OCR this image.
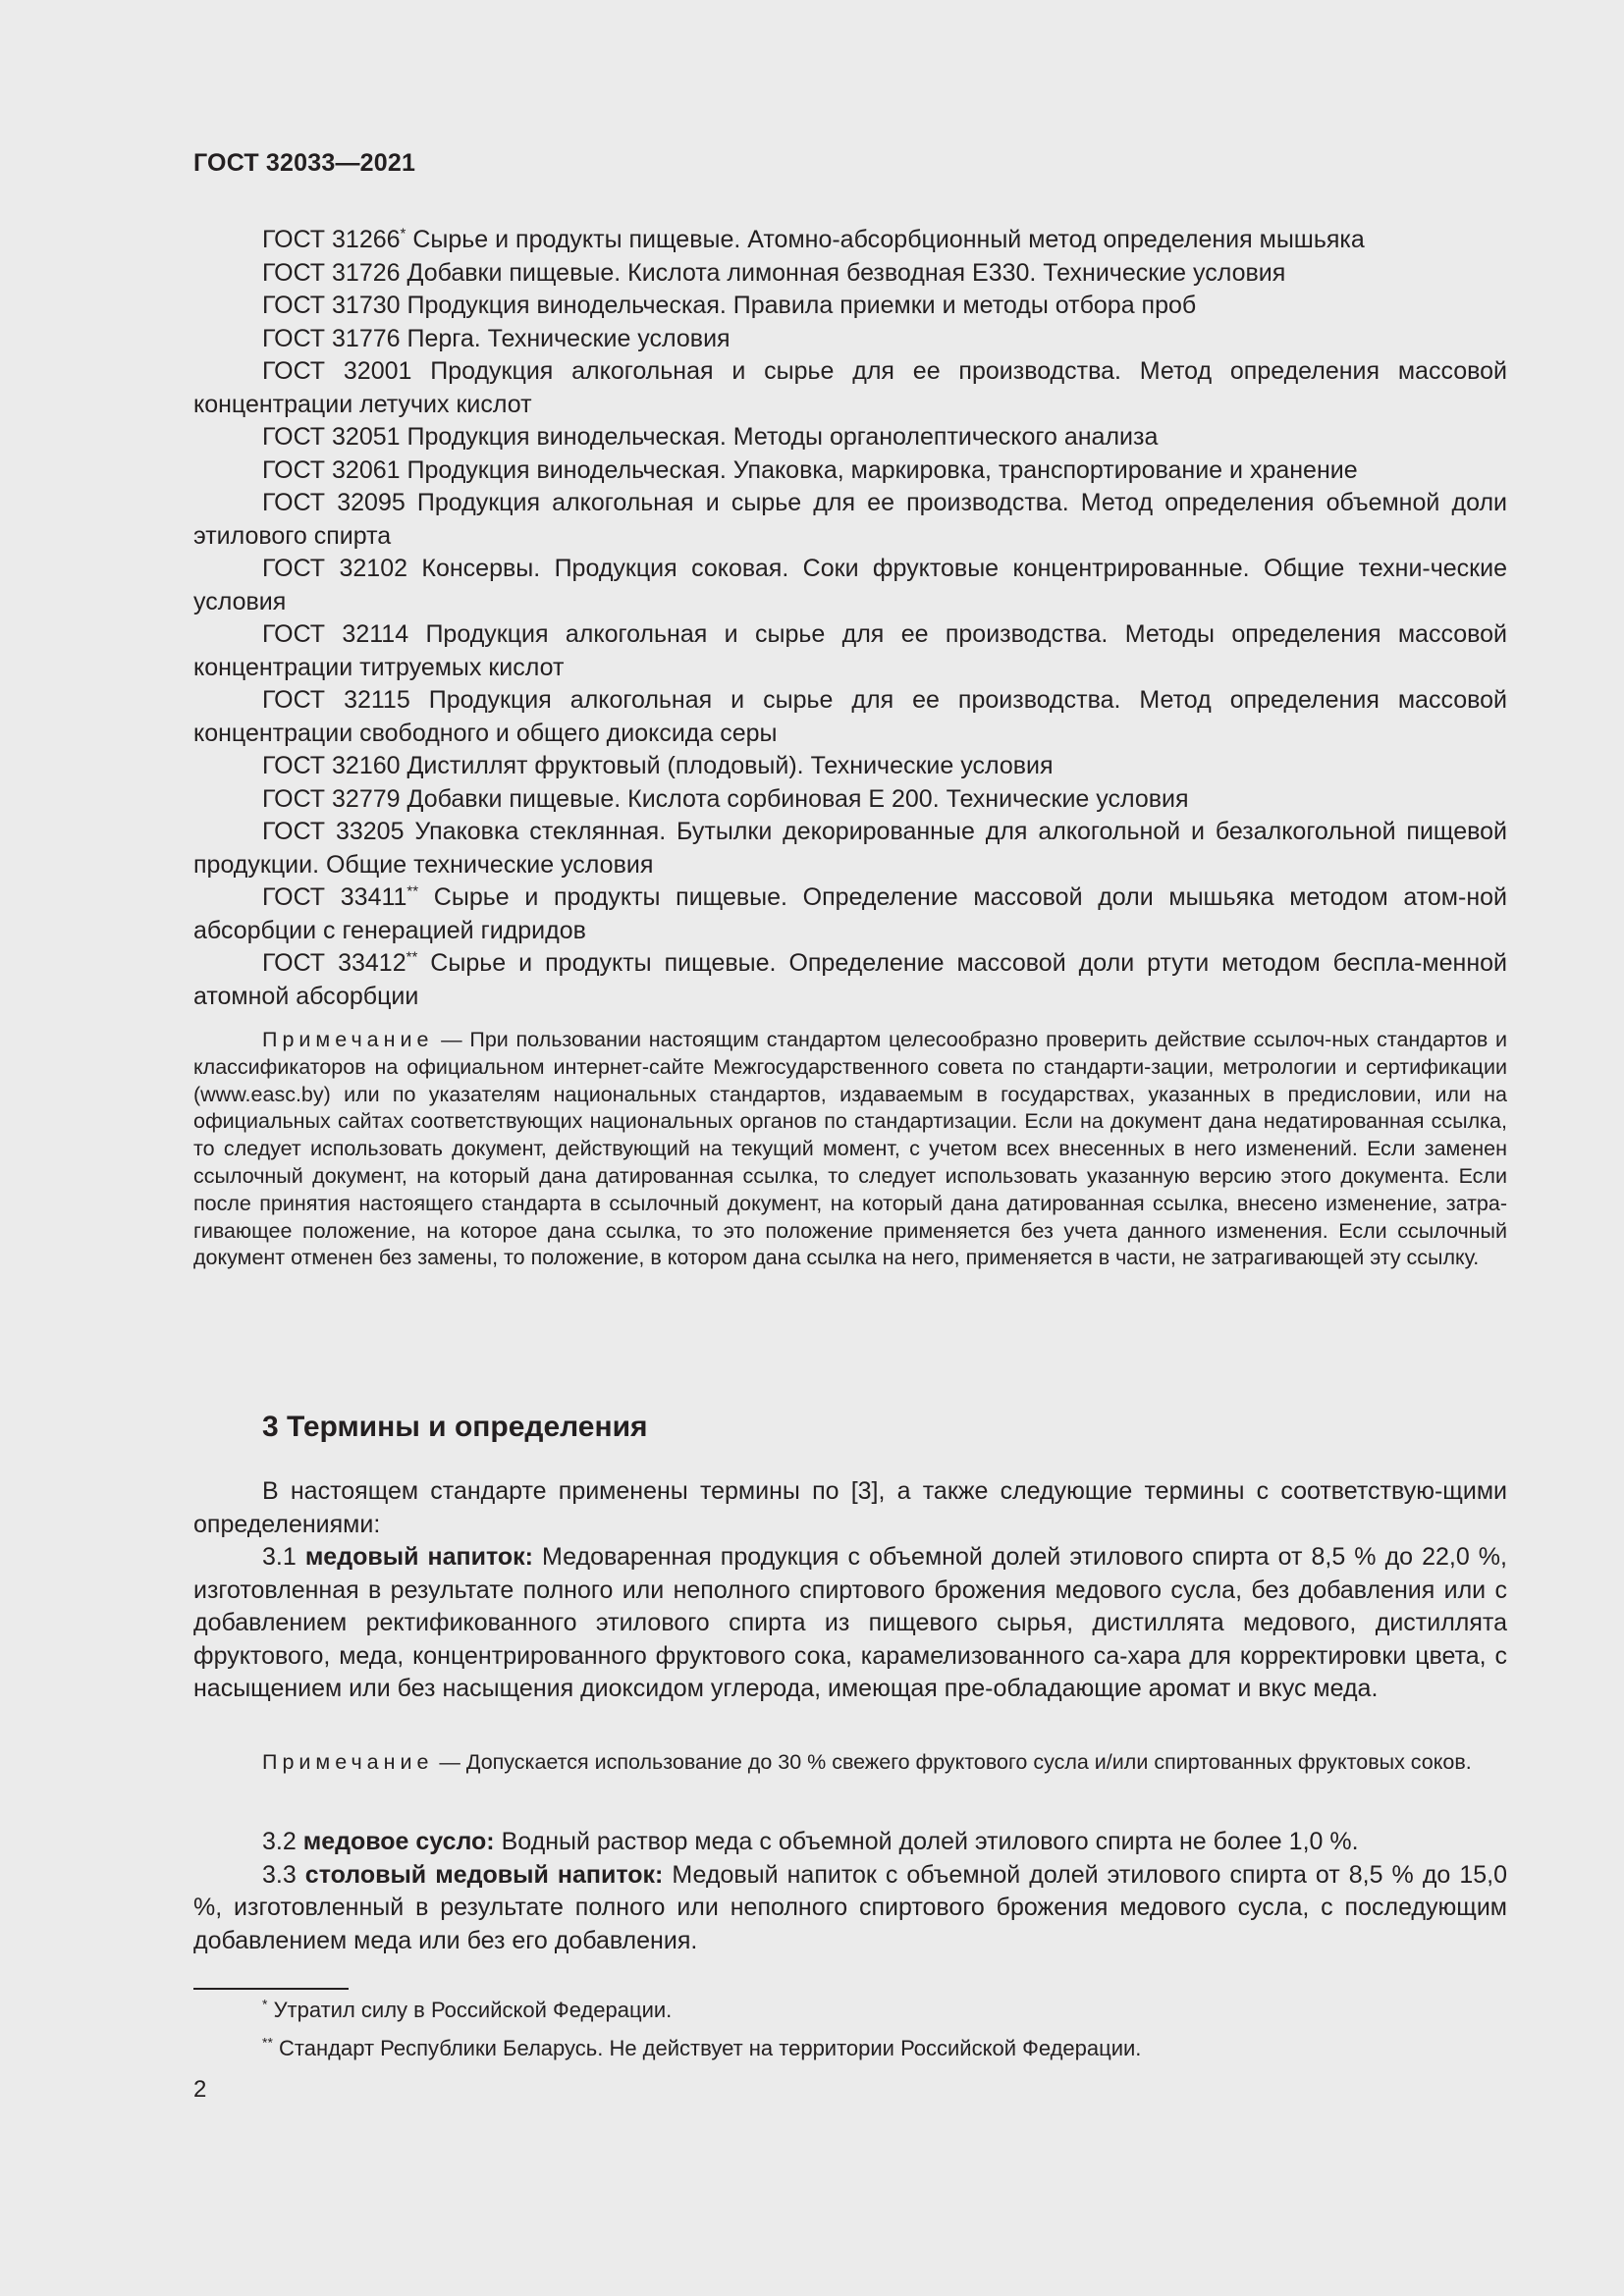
ГОСТ 32033—2021

ГОСТ 31266* Сырье и продукты пищевые. Атомно-абсорбционный метод определения мышьяка

ГОСТ 31726 Добавки пищевые. Кислота лимонная безводная E330. Технические условия

ГОСТ 31730 Продукция винодельческая. Правила приемки и методы отбора проб

ГОСТ 31776 Перга. Технические условия

ГОСТ 32001 Продукция алкогольная и сырье для ее производства. Метод определения массовой концентрации летучих кислот

ГОСТ 32051 Продукция винодельческая. Методы органолептического анализа

ГОСТ 32061 Продукция винодельческая. Упаковка, маркировка, транспортирование и хранение

ГОСТ 32095 Продукция алкогольная и сырье для ее производства. Метод определения объемной доли этилового спирта

ГОСТ 32102 Консервы. Продукция соковая. Соки фруктовые концентрированные. Общие техни-ческие условия

ГОСТ 32114 Продукция алкогольная и сырье для ее производства. Методы определения массовой концентрации титруемых кислот

ГОСТ 32115 Продукция алкогольная и сырье для ее производства. Метод определения массовой концентрации свободного и общего диоксида серы

ГОСТ 32160 Дистиллят фруктовый (плодовый). Технические условия

ГОСТ 32779 Добавки пищевые. Кислота сорбиновая E 200. Технические условия

ГОСТ 33205 Упаковка стеклянная. Бутылки декорированные для алкогольной и безалкогольной пищевой продукции. Общие технические условия

ГОСТ 33411** Сырье и продукты пищевые. Определение массовой доли мышьяка методом атом-ной абсорбции с генерацией гидридов

ГОСТ 33412** Сырье и продукты пищевые. Определение массовой доли ртути методом беспла-менной атомной абсорбции

Примечание — При пользовании настоящим стандартом целесообразно проверить действие ссылоч-ных стандартов и классификаторов на официальном интернет-сайте Межгосударственного совета по стандарти-зации, метрологии и сертификации (www.easc.by) или по указателям национальных стандартов, издаваемым в государствах, указанных в предисловии, или на официальных сайтах соответствующих национальных органов по стандартизации. Если на документ дана недатированная ссылка, то следует использовать документ, действующий на текущий момент, с учетом всех внесенных в него изменений. Если заменен ссылочный документ, на который дана датированная ссылка, то следует использовать указанную версию этого документа. Если после принятия настоящего стандарта в ссылочный документ, на который дана датированная ссылка, внесено изменение, затра-гивающее положение, на которое дана ссылка, то это положение применяется без учета данного изменения. Если ссылочный документ отменен без замены, то положение, в котором дана ссылка на него, применяется в части, не затрагивающей эту ссылку.

3 Термины и определения

В настоящем стандарте применены термины по [3], а также следующие термины с соответствую-щими определениями:

3.1 медовый напиток: Медоваренная продукция с объемной долей этилового спирта от 8,5 % до 22,0 %, изготовленная в результате полного или неполного спиртового брожения медового сусла, без добавления или с добавлением ректификованного этилового спирта из пищевого сырья, дистиллята медового, дистиллята фруктового, меда, концентрированного фруктового сока, карамелизованного са-хара для корректировки цвета, с насыщением или без насыщения диоксидом углерода, имеющая пре-обладающие аромат и вкус меда.

Примечание — Допускается использование до 30 % свежего фруктового сусла и/или спиртованных фруктовых соков.

3.2 медовое сусло: Водный раствор меда с объемной долей этилового спирта не более 1,0 %.

3.3 столовый медовый напиток: Медовый напиток с объемной долей этилового спирта от 8,5 % до 15,0 %, изготовленный в результате полного или неполного спиртового брожения медового сусла, с последующим добавлением меда или без его добавления.

* Утратил силу в Российской Федерации.
** Стандарт Республики Беларусь. Не действует на территории Российской Федерации.
2
